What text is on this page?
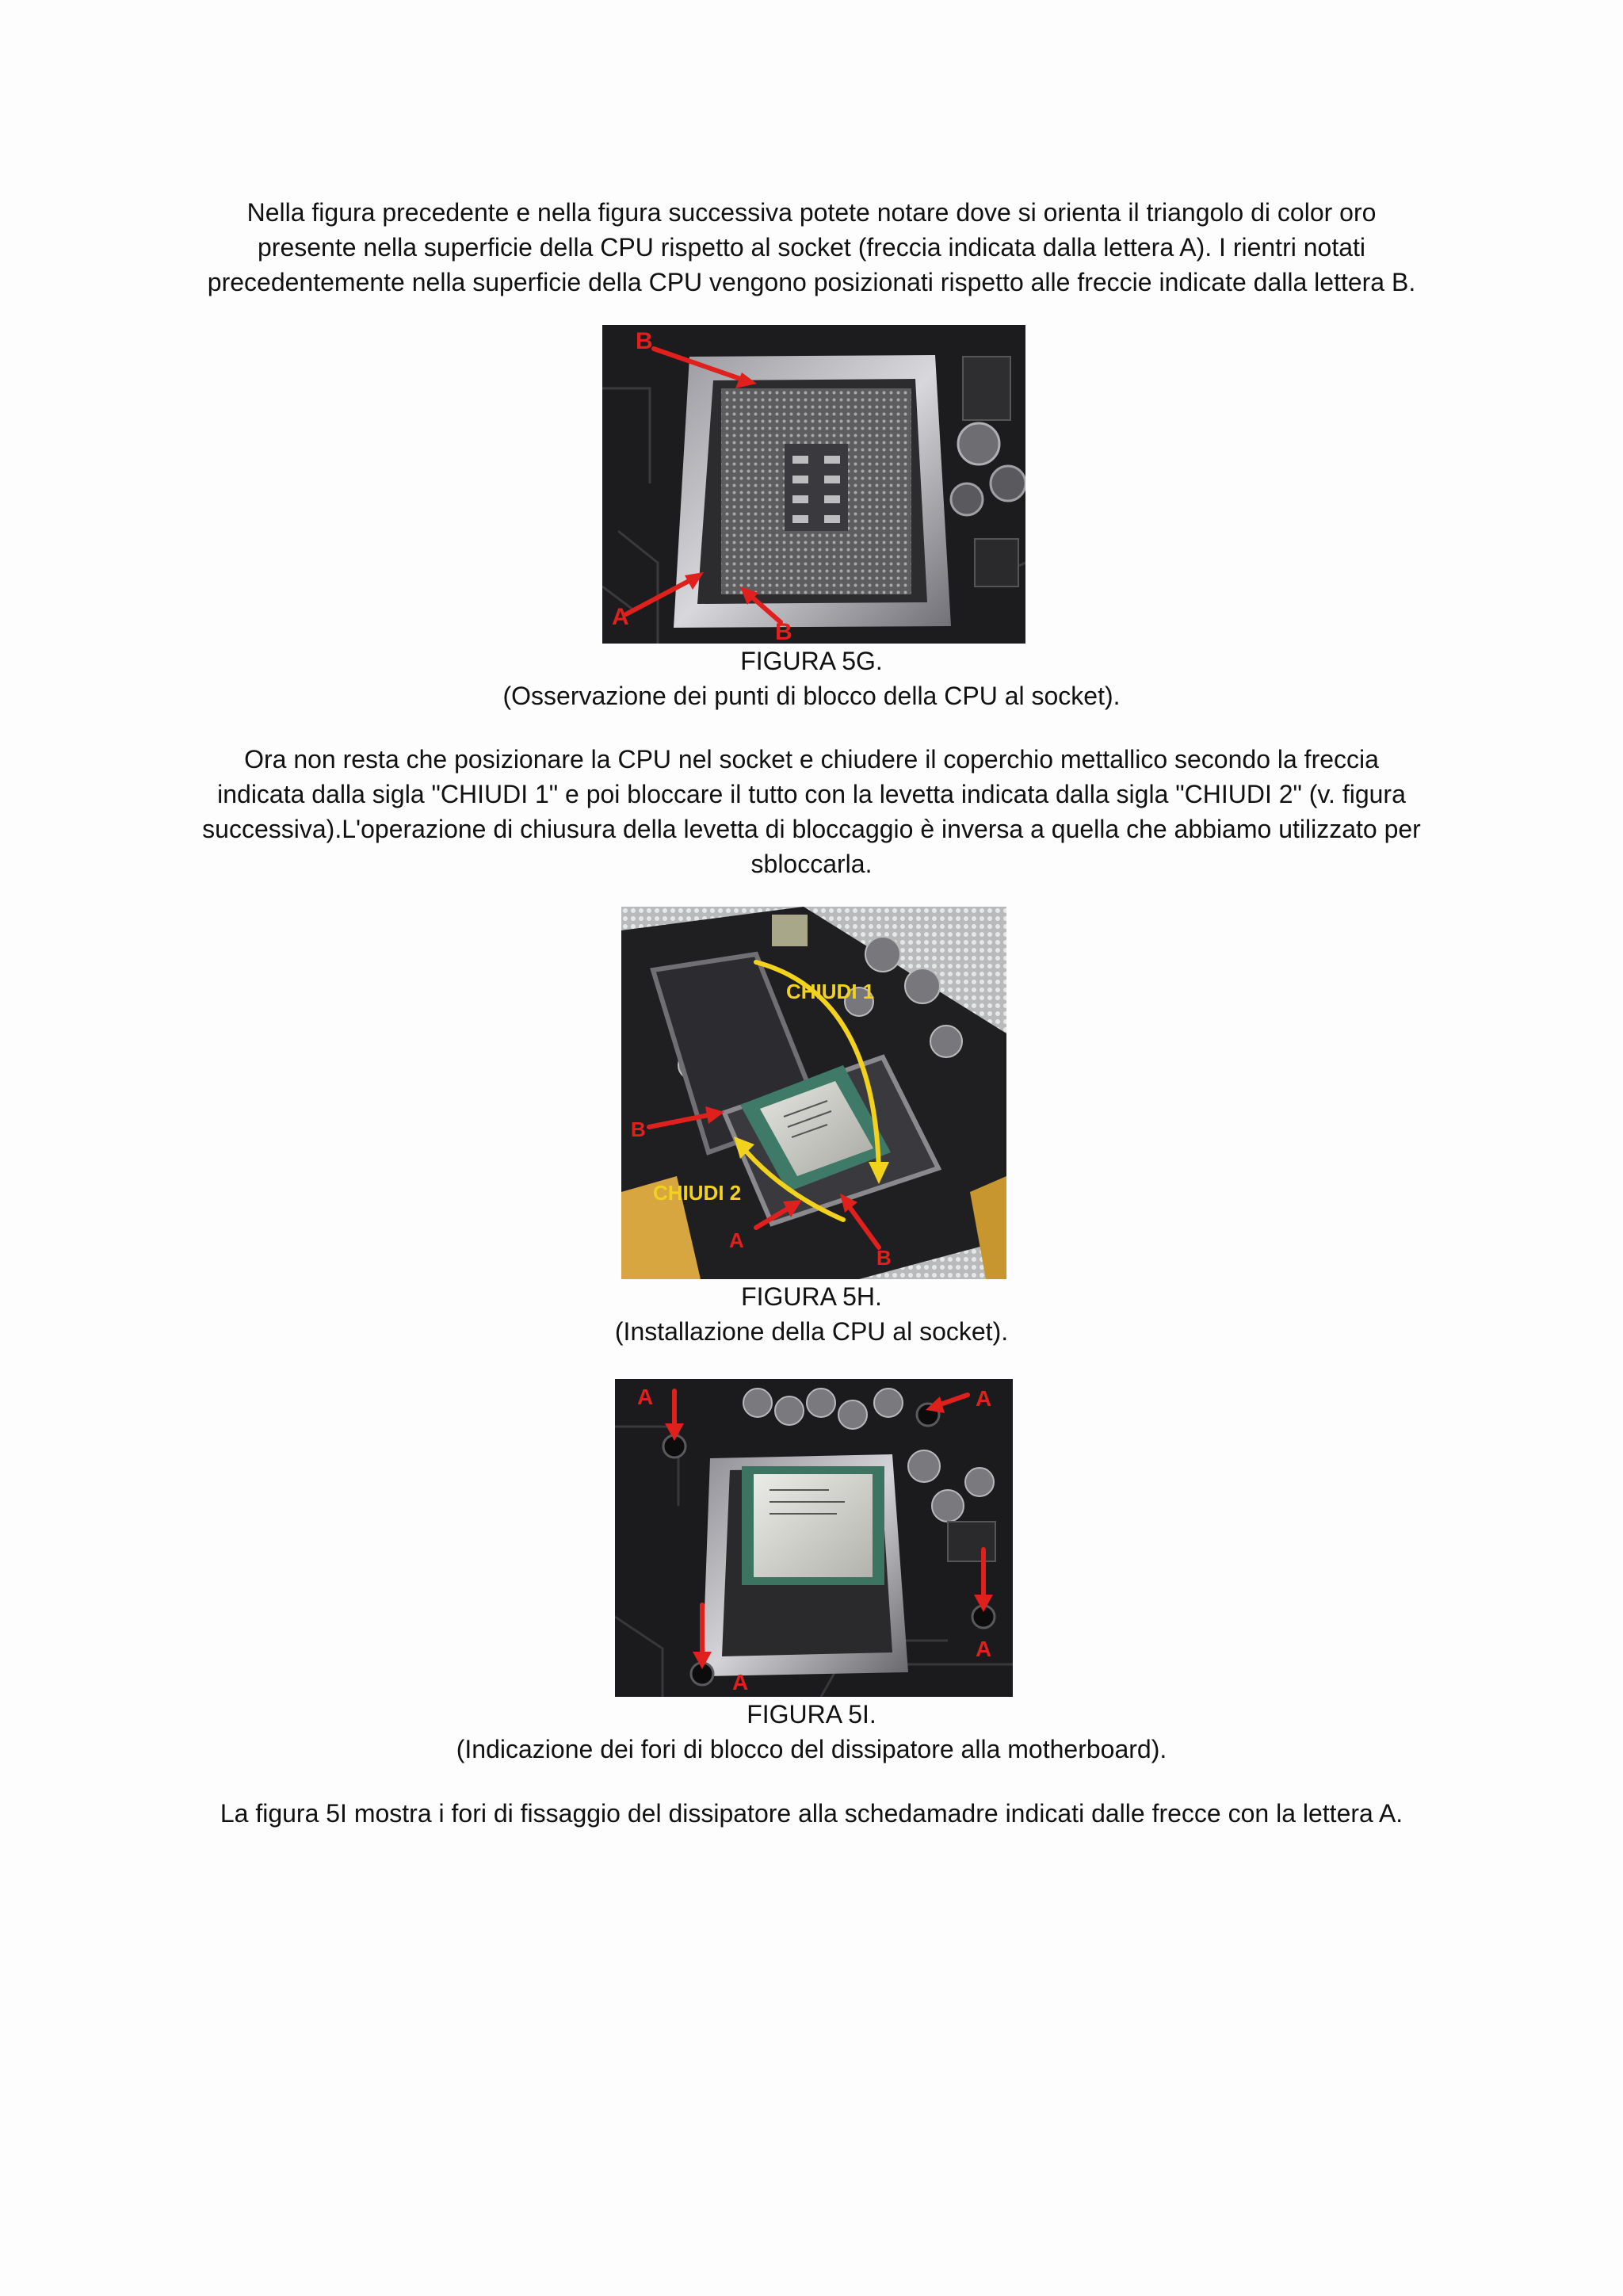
Nella figura precedente e nella figura successiva potete notare dove si orienta il triangolo di color oro
presente nella superficie della CPU rispetto al socket (freccia indicata dalla lettera A). I rientri notati
precedentemente nella superficie della CPU vengono posizionati rispetto alle freccie indicate dalla lettera B.
B
A
B
FIGURA 5G.
(Osservazione dei punti di blocco della CPU al socket).
Ora non resta che posizionare la CPU nel socket e chiudere il coperchio mettallico secondo la freccia
indicata dalla sigla "CHIUDI 1" e poi bloccare il tutto con la levetta indicata dalla sigla "CHIUDI 2" (v. figura
successiva).L'operazione di chiusura della levetta di bloccaggio è inversa a quella che abbiamo utilizzato per
sbloccarla.
CHIUDI 1
CHIUDI 2
B
A
B
FIGURA 5H.
(Installazione della CPU al socket).
A	A
A
A
FIGURA 5I.
(Indicazione dei fori di blocco del dissipatore alla motherboard).
La figura 5I mostra i fori di fissaggio del dissipatore alla schedamadre indicati dalle frecce con la lettera A.
